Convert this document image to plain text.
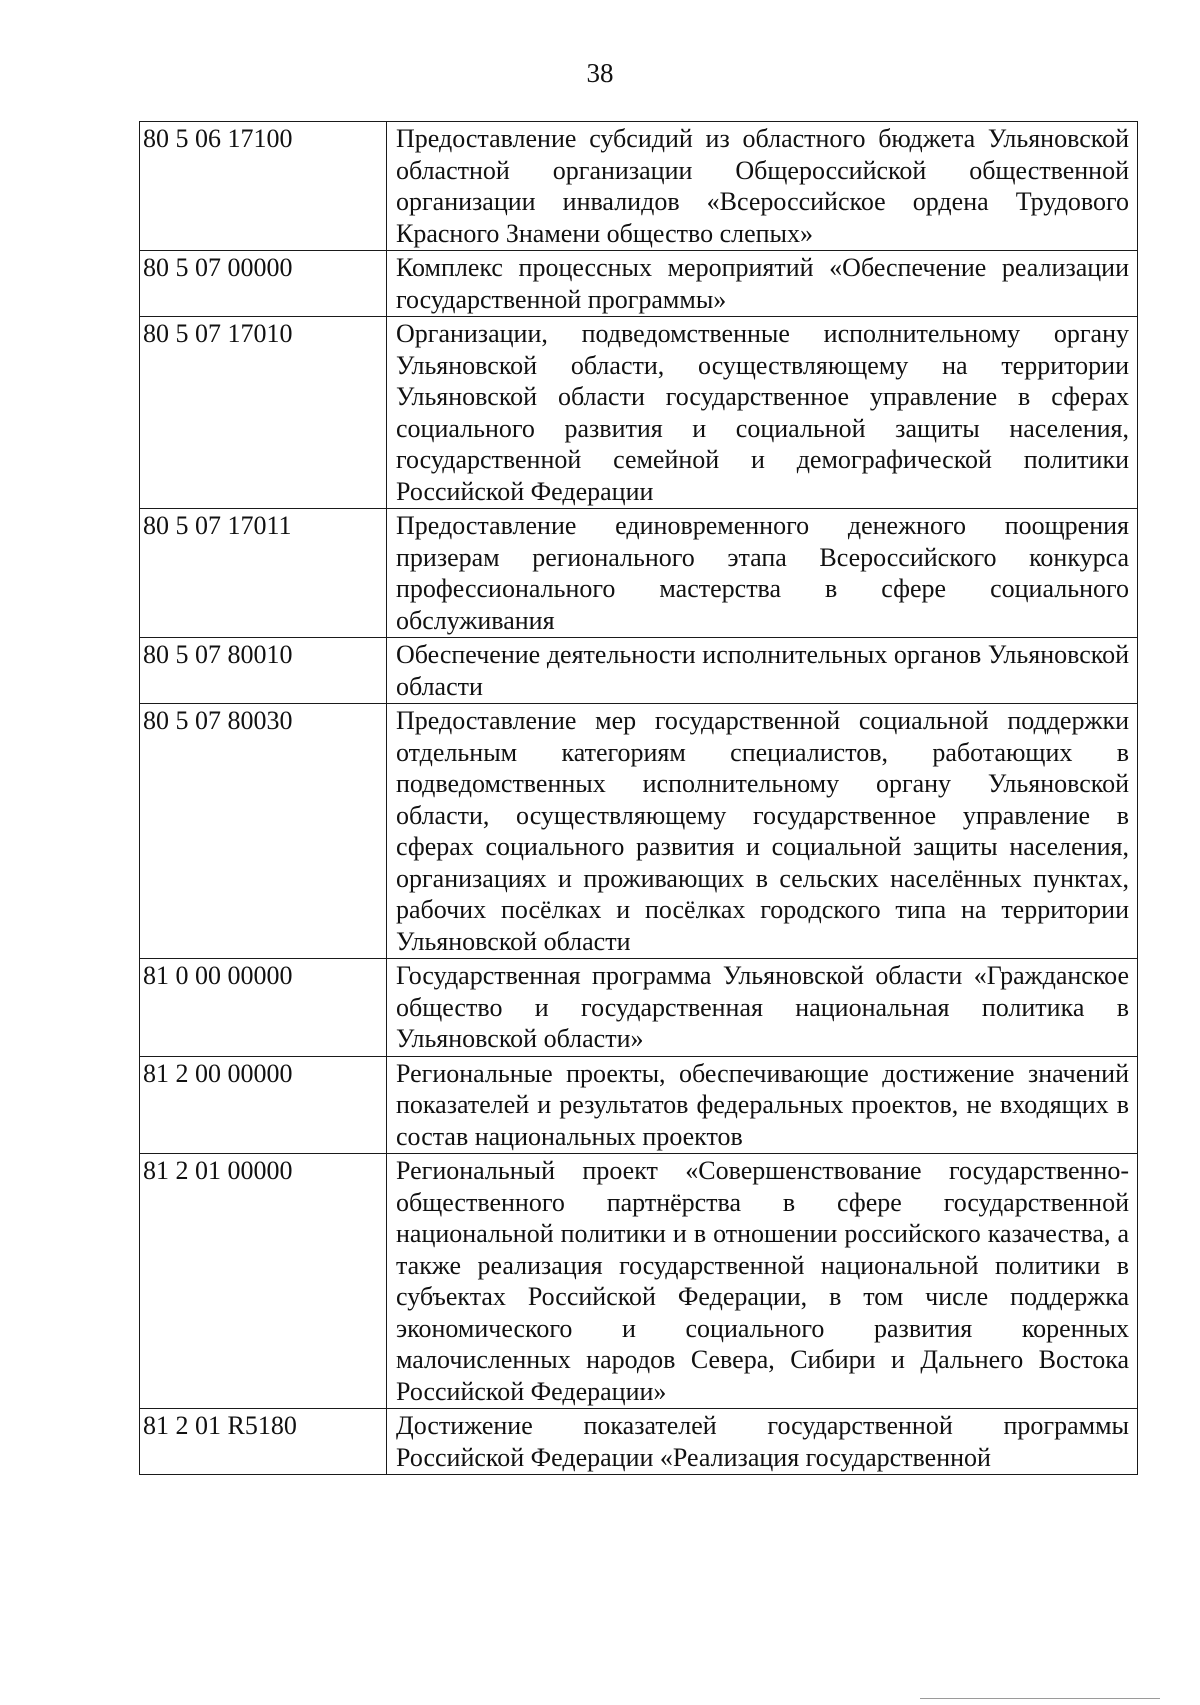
38
80 5 06 17100	Предоставление субсидий из областного бюджета Ульяновской областной организации Общероссийской общественной организации инвалидов «Всероссийское ордена Трудового Красного Знамени общество слепых»
80 5 07 00000	Комплекс процессных мероприятий «Обеспечение реализации государственной программы»
80 5 07 17010	Организации, подведомственные исполнительному органу Ульяновской области, осуществляющему на территории Ульяновской области государственное управление в сферах социального развития и социальной защиты населения, государственной семейной и демографической политики Российской Федерации
80 5 07 17011	Предоставление единовременного денежного поощрения призерам регионального этапа Всероссийского конкурса профессионального мастерства в сфере социального обслуживания
80 5 07 80010	Обеспечение деятельности исполнительных органов Ульяновской области
80 5 07 80030	Предоставление мер государственной социальной поддержки отдельным категориям специалистов, работающих в подведомственных исполнительному органу Ульяновской области, осуществляющему государственное управление в сферах социального развития и социальной защиты населения, организациях и проживающих в сельских населённых пунктах, рабочих посёлках и посёлках городского типа на территории Ульяновской области
81 0 00 00000	Государственная программа Ульяновской области «Гражданское общество и государственная национальная политика в Ульяновской области»
81 2 00 00000	Региональные проекты, обеспечивающие достижение значений показателей и результатов федеральных проектов, не входящих в состав национальных проектов
81 2 01 00000	Региональный проект «Совершенствование государственно-общественного партнёрства в сфере государственной национальной политики и в отношении российского казачества, а также реализация государственной национальной политики в субъектах Российской Федерации, в том числе поддержка экономического и социального развития коренных малочисленных народов Севера, Сибири и Дальнего Востока Российской Федерации»
81 2 01 R5180	Достижение показателей государственной программы Российской Федерации «Реализация государственной
